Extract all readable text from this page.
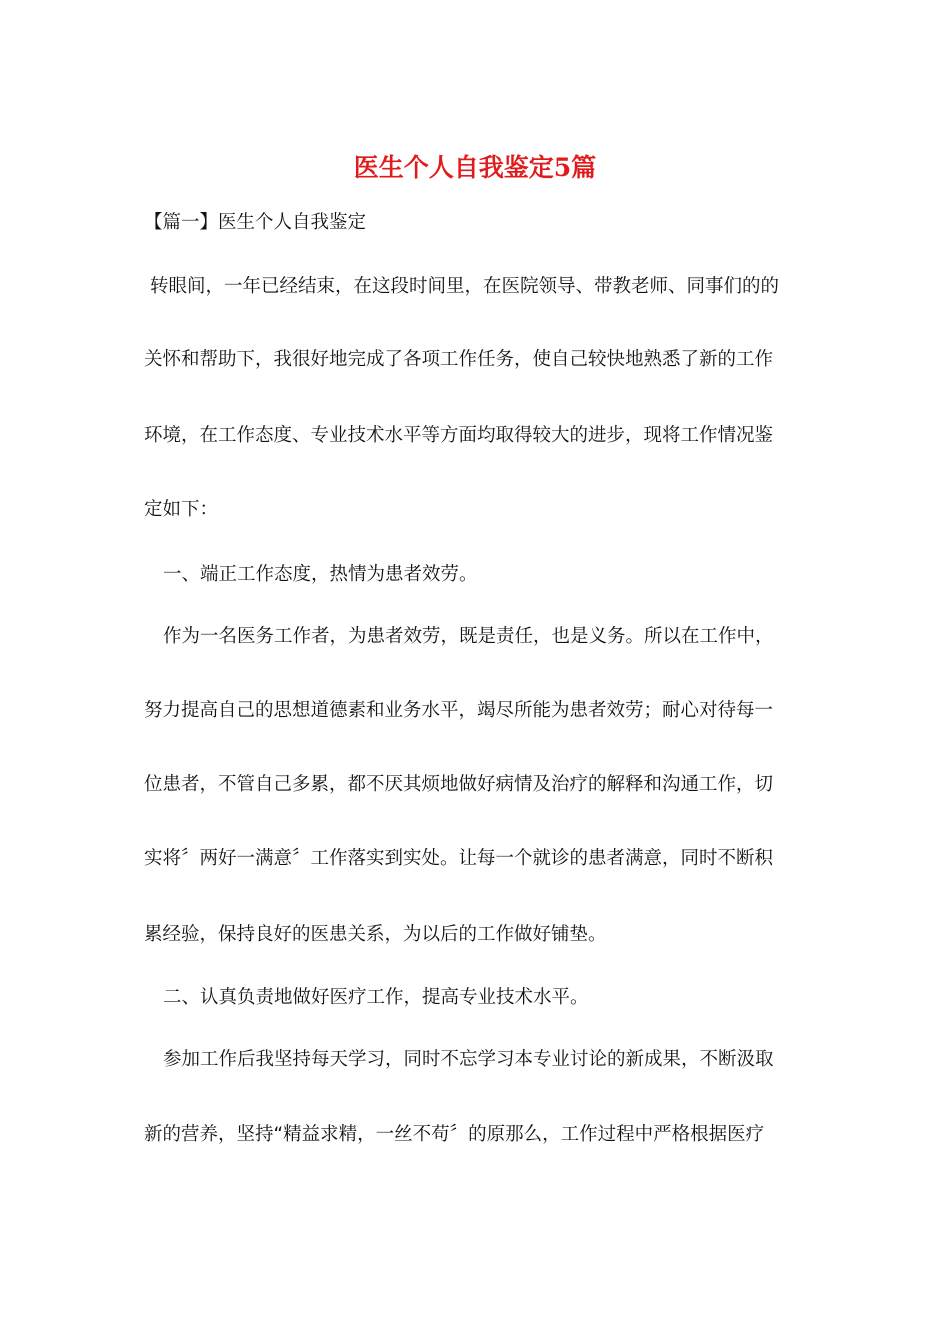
医生个人自我鉴定5篇

【篇一】医生个人自我鉴定

转眼间，一年已经结束，在这段时间里，在医院领导、带教老师、同事们的的

关怀和帮助下，我很好地完成了各项工作任务，使自己较快地熟悉了新的工作

环境，在工作态度、专业技术水平等方面均取得较大的进步，现将工作情况鉴

定如下：

一、端正工作态度，热情为患者效劳。

作为一名医务工作者，为患者效劳，既是责任，也是义务。所以在工作中，

努力提高自己的思想道德素和业务水平，竭尽所能为患者效劳；耐心对待每一

位患者，不管自己多累，都不厌其烦地做好病情及治疗的解释和沟通工作，切

实将〞两好一满意〞工作落实到实处。让每一个就诊的患者满意，同时不断积

累经验，保持良好的医患关系，为以后的工作做好铺垫。

二、认真负责地做好医疗工作，提高专业技术水平。

参加工作后我坚持每天学习，同时不忘学习本专业讨论的新成果，不断汲取

新的营养，坚持“精益求精，一丝不苟〞的原那么，工作过程中严格根据医疗
